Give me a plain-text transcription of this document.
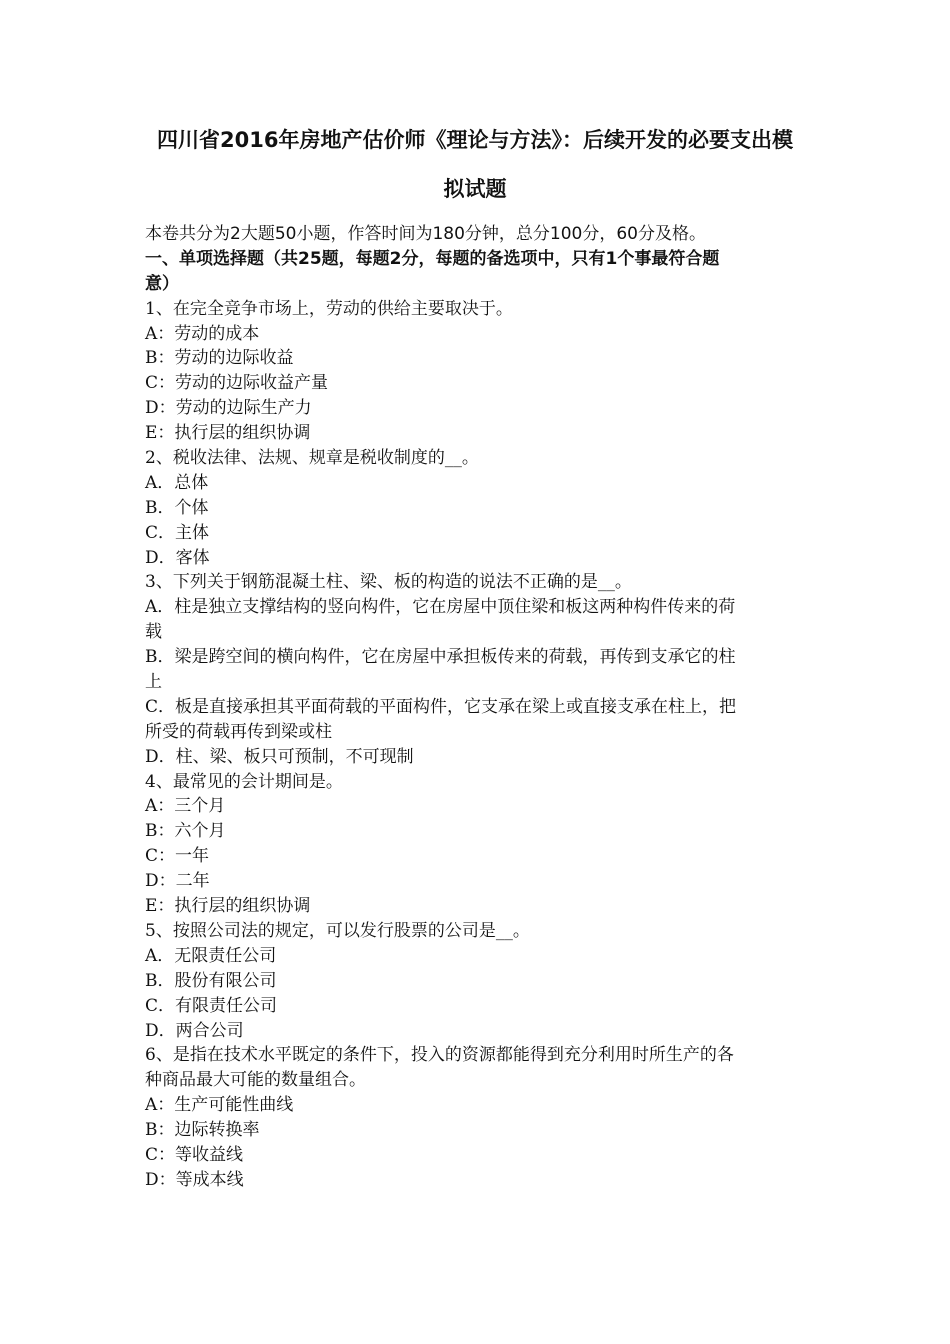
四川省2016年房地产估价师《理论与方法》：后续开发的必要支出模
拟试题
本卷共分为2大题50小题，作答时间为180分钟，总分100分，60分及格。
一、单项选择题（共25题，每题2分，每题的备选项中，只有1个事最符合题
意）
1、在完全竞争市场上，劳动的供给主要取决于。
A：劳动的成本
B：劳动的边际收益
C：劳动的边际收益产量
D：劳动的边际生产力
E：执行层的组织协调
2、税收法律、法规、规章是税收制度的__。
A．总体
B．个体
C．主体
D．客体
3、下列关于钢筋混凝土柱、梁、板的构造的说法不正确的是__。
A．柱是独立支撑结构的竖向构件，它在房屋中顶住梁和板这两种构件传来的荷
载
B．梁是跨空间的横向构件，它在房屋中承担板传来的荷载，再传到支承它的柱
上
C．板是直接承担其平面荷载的平面构件，它支承在梁上或直接支承在柱上，把
所受的荷载再传到梁或柱
D．柱、梁、板只可预制，不可现制
4、最常见的会计期间是。
A：三个月
B：六个月
C：一年
D：二年
E：执行层的组织协调
5、按照公司法的规定，可以发行股票的公司是__。
A．无限责任公司
B．股份有限公司
C．有限责任公司
D．两合公司
6、是指在技术水平既定的条件下，投入的资源都能得到充分利用时所生产的各
种商品最大可能的数量组合。
A：生产可能性曲线
B：边际转换率
C：等收益线
D：等成本线
